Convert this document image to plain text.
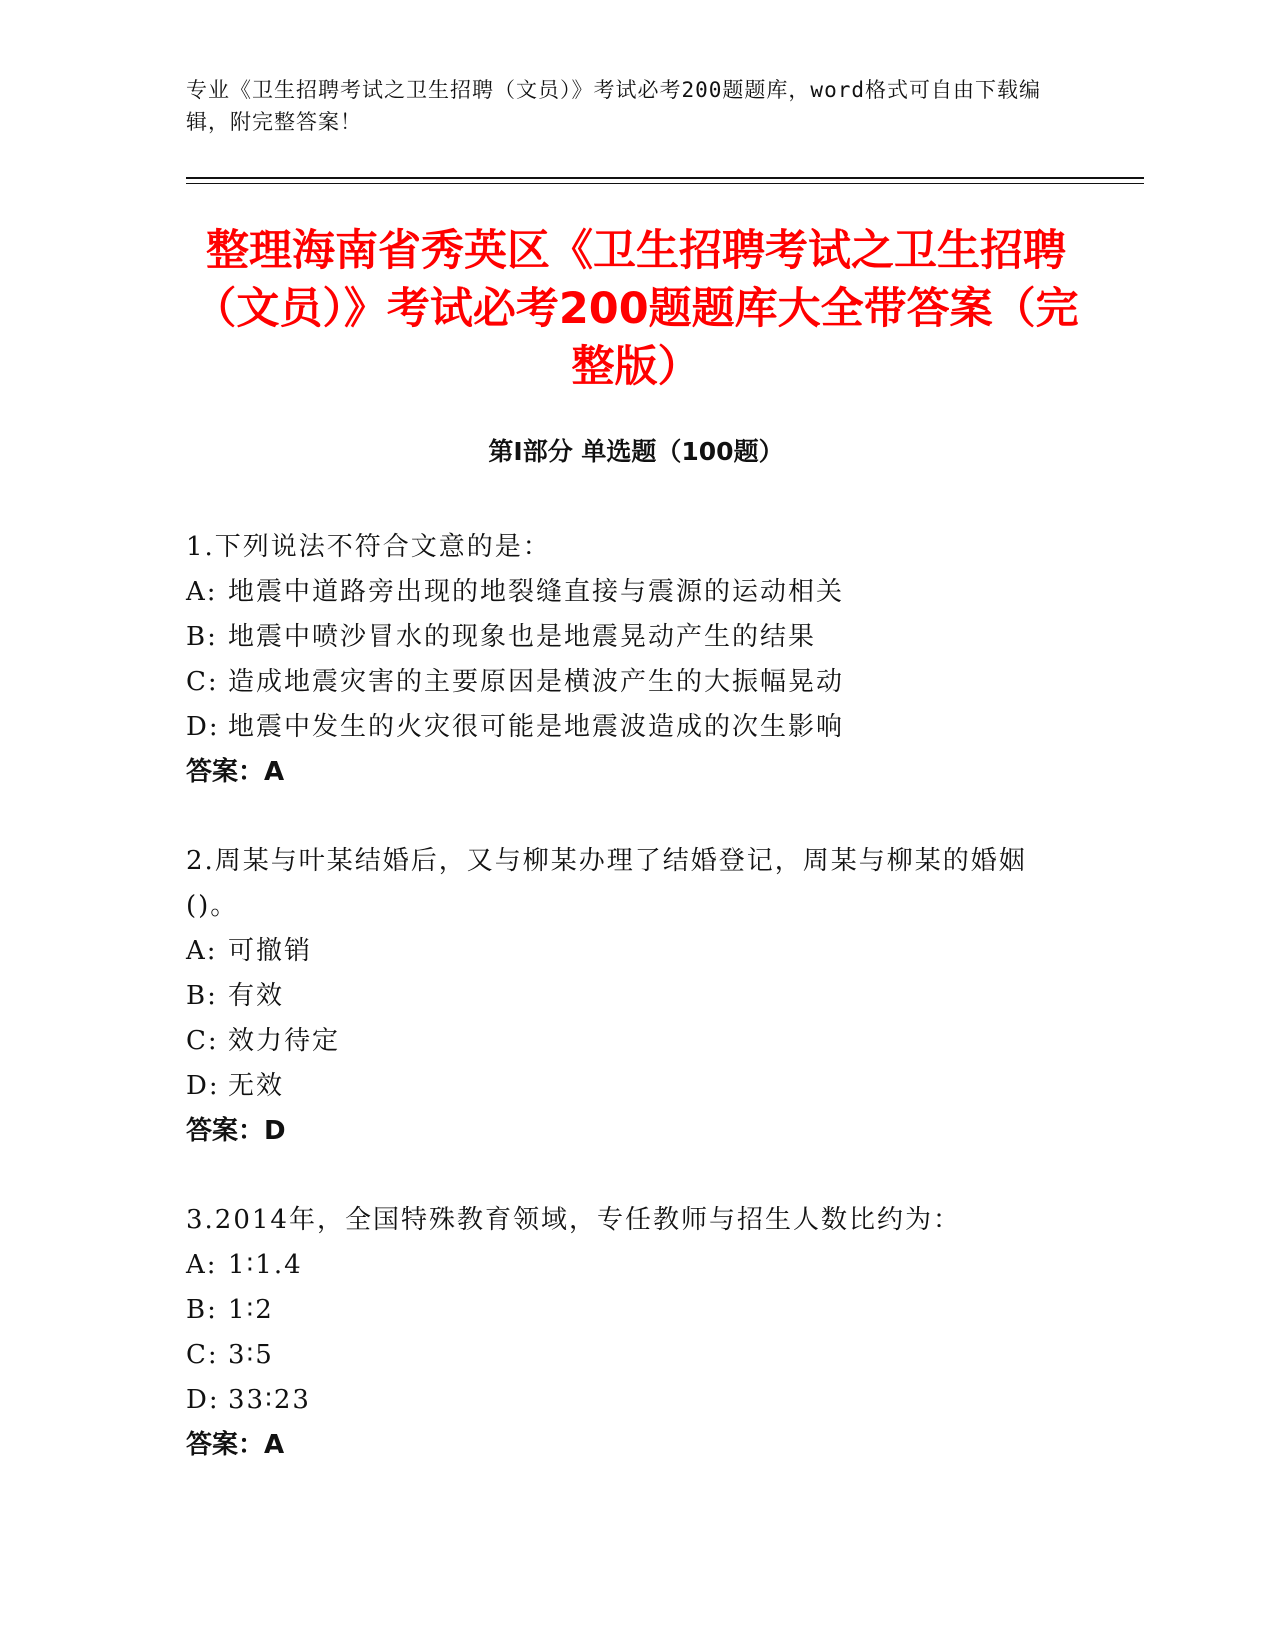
专业《卫生招聘考试之卫生招聘（文员）》考试必考200题题库，word格式可自由下载编辑，附完整答案！
整理海南省秀英区《卫生招聘考试之卫生招聘（文员）》考试必考200题题库大全带答案（完整版）
第Ⅰ部分 单选题（100题）
1.下列说法不符合文意的是：
A: 地震中道路旁出现的地裂缝直接与震源的运动相关
B: 地震中喷沙冒水的现象也是地震晃动产生的结果
C: 造成地震灾害的主要原因是横波产生的大振幅晃动
D: 地震中发生的火灾很可能是地震波造成的次生影响
答案：A
2.周某与叶某结婚后，又与柳某办理了结婚登记，周某与柳某的婚姻()。
A: 可撤销
B: 有效
C: 效力待定
D: 无效
答案：D
3.2014年，全国特殊教育领域，专任教师与招生人数比约为：
A: 1∶1.4
B: 1∶2
C: 3∶5
D: 33∶23
答案：A
